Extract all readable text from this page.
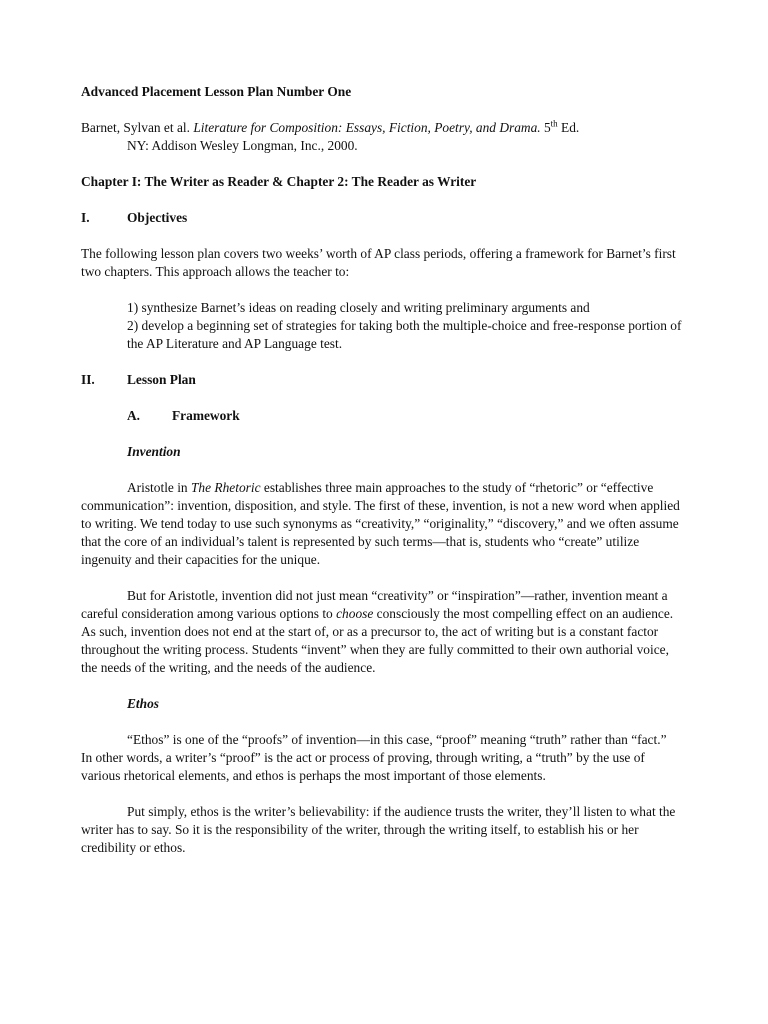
Advanced Placement Lesson Plan Number One
Barnet, Sylvan et al. Literature for Composition: Essays, Fiction, Poetry, and Drama. 5th Ed.
NY: Addison Wesley Longman, Inc., 2000.
Chapter I: The Writer as Reader & Chapter 2: The Reader as Writer
I.	Objectives
The following lesson plan covers two weeks’ worth of AP class periods, offering a framework for Barnet’s first two chapters. This approach allows the teacher to:
1) synthesize Barnet’s ideas on reading closely and writing preliminary arguments and
2) develop a beginning set of strategies for taking both the multiple-choice and free-response portion of the AP Literature and AP Language test.
II. Lesson Plan
A. Framework
Invention
Aristotle in The Rhetoric establishes three main approaches to the study of “rhetoric” or “effective communication”: invention, disposition, and style. The first of these, invention, is not a new word when applied to writing. We tend today to use such synonyms as “creativity,” “originality,” “discovery,” and we often assume that the core of an individual’s talent is represented by such terms—that is, students who “create” utilize ingenuity and their capacities for the unique.
But for Aristotle, invention did not just mean “creativity” or “inspiration”—rather, invention meant a careful consideration among various options to choose consciously the most compelling effect on an audience. As such, invention does not end at the start of, or as a precursor to, the act of writing but is a constant factor throughout the writing process. Students “invent” when they are fully committed to their own authorial voice, the needs of the writing, and the needs of the audience.
Ethos
“Ethos” is one of the “proofs” of invention—in this case, “proof” meaning “truth” rather than “fact.” In other words, a writer’s “proof” is the act or process of proving, through writing, a “truth” by the use of various rhetorical elements, and ethos is perhaps the most important of those elements.
Put simply, ethos is the writer’s believability: if the audience trusts the writer, they’ll listen to what the writer has to say. So it is the responsibility of the writer, through the writing itself, to establish his or her credibility or ethos.
